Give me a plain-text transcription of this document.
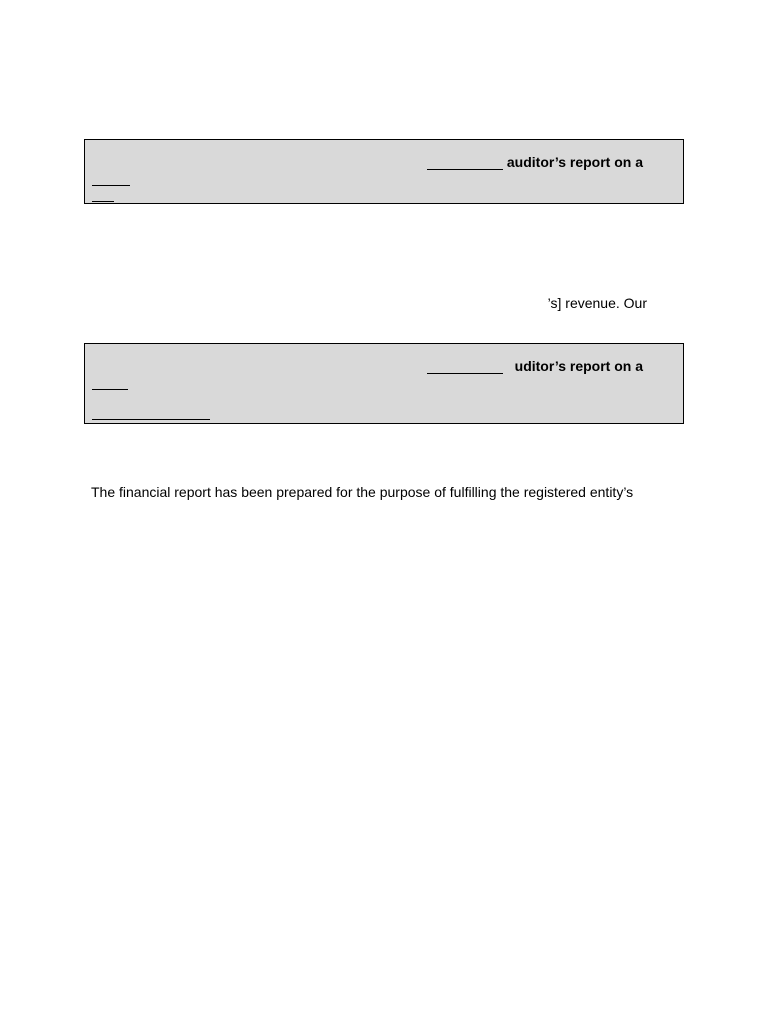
auditor’s report on a
’s] revenue. Our
uditor’s report on a
The financial report has been prepared for the purpose of fulfilling the registered entity’s
